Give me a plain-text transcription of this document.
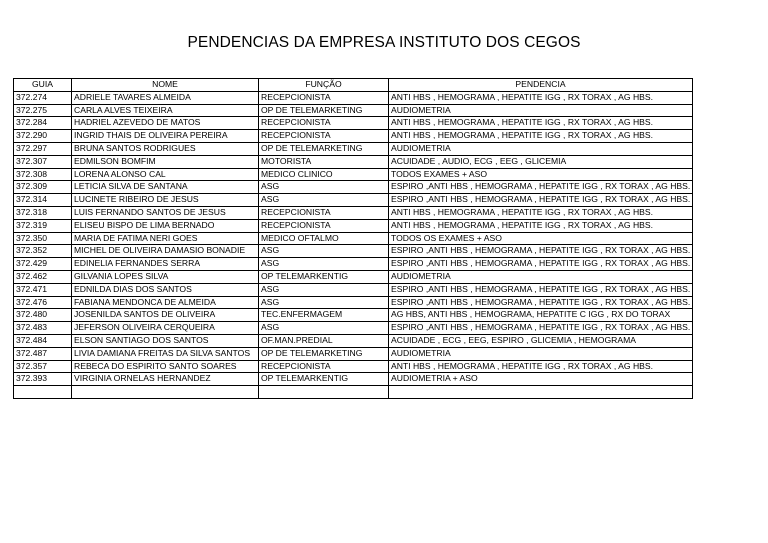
PENDENCIAS DA EMPRESA INSTITUTO DOS CEGOS
GUIA	NOME	FUNÇÃO	PENDENCIA
372.274	ADRIELE TAVARES ALMEIDA	RECEPCIONISTA	ANTI HBS , HEMOGRAMA , HEPATITE IGG , RX TORAX , AG HBS.
372.275	CARLA ALVES TEIXEIRA	OP DE TELEMARKETING	AUDIOMETRIA
372.284	HADRIEL AZEVEDO DE MATOS	RECEPCIONISTA	ANTI HBS , HEMOGRAMA , HEPATITE IGG , RX TORAX , AG HBS.
372.290	INGRID THAIS DE OLIVEIRA PEREIRA	RECEPCIONISTA	ANTI HBS , HEMOGRAMA , HEPATITE IGG , RX TORAX , AG HBS.
372.297	BRUNA SANTOS RODRIGUES	OP DE TELEMARKETING	AUDIOMETRIA
372.307	EDMILSON BOMFIM	MOTORISTA	ACUIDADE , AUDIO, ECG , EEG , GLICEMIA
372.308	LORENA ALONSO CAL	MEDICO CLINICO	TODOS EXAMES + ASO
372.309	LETICIA SILVA DE SANTANA	ASG	ESPIRO ,ANTI HBS , HEMOGRAMA , HEPATITE IGG , RX TORAX , AG HBS.
372.314	LUCINETE RIBEIRO DE JESUS	ASG	ESPIRO ,ANTI HBS , HEMOGRAMA , HEPATITE IGG , RX TORAX , AG HBS.
372.318	LUIS FERNANDO SANTOS DE JESUS	RECEPCIONISTA	ANTI HBS , HEMOGRAMA , HEPATITE IGG , RX TORAX , AG HBS.
372.319	ELISEU BISPO DE LIMA BERNADO	RECEPCIONISTA	ANTI HBS , HEMOGRAMA , HEPATITE IGG , RX TORAX , AG HBS.
372.350	MARIA DE FATIMA NERI GOES	MEDICO OFTALMO	TODOS OS EXAMES + ASO
372.352	MICHEL DE OLIVEIRA DAMASIO BONADIE	ASG	ESPIRO ,ANTI HBS , HEMOGRAMA , HEPATITE IGG , RX TORAX , AG HBS.
372.429	EDINELIA FERNANDES SERRA	ASG	ESPIRO ,ANTI HBS , HEMOGRAMA , HEPATITE IGG , RX TORAX , AG HBS.
372.462	GILVANIA LOPES SILVA	OP TELEMARKENTIG	AUDIOMETRIA
372.471	EDNILDA DIAS DOS SANTOS	ASG	ESPIRO ,ANTI HBS , HEMOGRAMA , HEPATITE IGG , RX TORAX , AG HBS.
372.476	FABIANA MENDONCA DE ALMEIDA	ASG	ESPIRO ,ANTI HBS , HEMOGRAMA , HEPATITE IGG , RX TORAX , AG HBS.
372.480	JOSENILDA SANTOS DE OLIVEIRA	TEC.ENFERMAGEM	AG HBS, ANTI HBS , HEMOGRAMA, HEPATITE C IGG , RX DO TORAX
372.483	JEFERSON OLIVEIRA CERQUEIRA	ASG	ESPIRO ,ANTI HBS , HEMOGRAMA , HEPATITE IGG , RX TORAX , AG HBS.
372.484	ELSON SANTIAGO DOS SANTOS	OF.MAN.PREDIAL	ACUIDADE , ECG , EEG, ESPIRO , GLICEMIA , HEMOGRAMA
372.487	LIVIA DAMIANA FREITAS DA SILVA SANTOS	OP DE TELEMARKETING	AUDIOMETRIA
372.357	REBECA DO ESPIRITO SANTO SOARES	RECEPCIONISTA	ANTI HBS , HEMOGRAMA , HEPATITE IGG , RX TORAX , AG HBS.
372.393	VIRGINIA ORNELAS HERNANDEZ	OP TELEMARKENTIG	AUDIOMETRIA + ASO
